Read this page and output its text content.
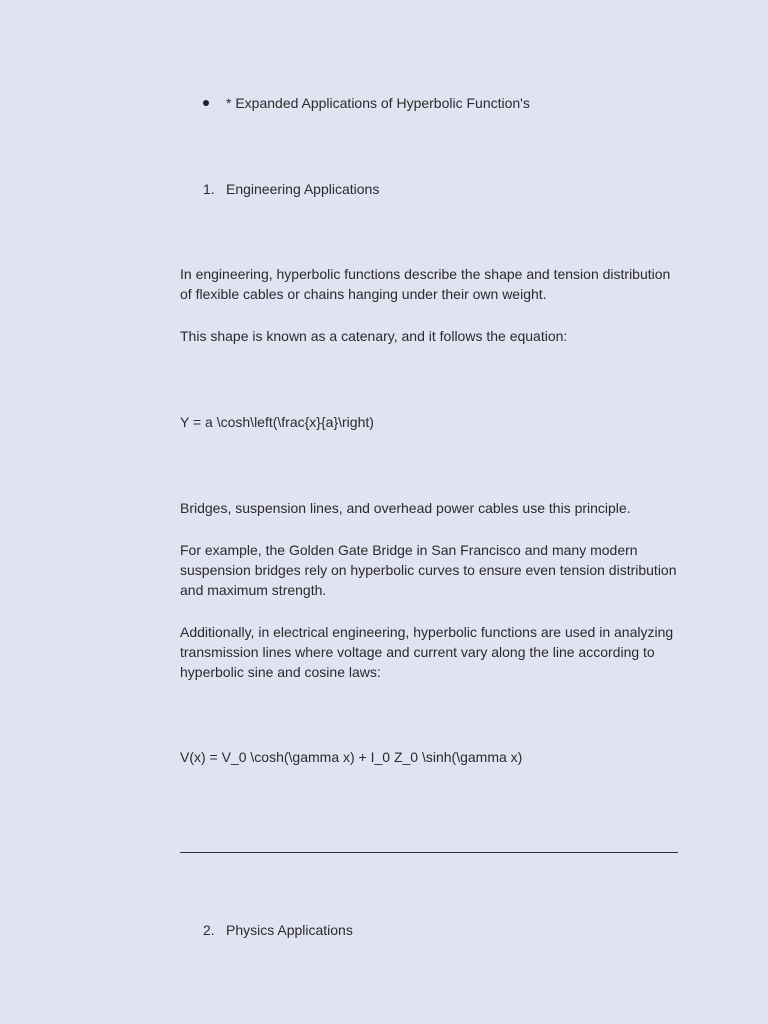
* Expanded Applications of Hyperbolic Function's
1. Engineering Applications

In engineering, hyperbolic functions describe the shape and tension distribution of flexible cables or chains hanging under their own weight.

This shape is known as a catenary, and it follows the equation:

Y = a \cosh\left(\frac{x}{a}\right)

Bridges, suspension lines, and overhead power cables use this principle.

For example, the Golden Gate Bridge in San Francisco and many modern suspension bridges rely on hyperbolic curves to ensure even tension distribution and maximum strength.

Additionally, in electrical engineering, hyperbolic functions are used in analyzing transmission lines where voltage and current vary along the line according to hyperbolic sine and cosine laws:

V(x) = V_0 \cosh(\gamma x) + I_0 Z_0 \sinh(\gamma x)
2. Physics Applications
